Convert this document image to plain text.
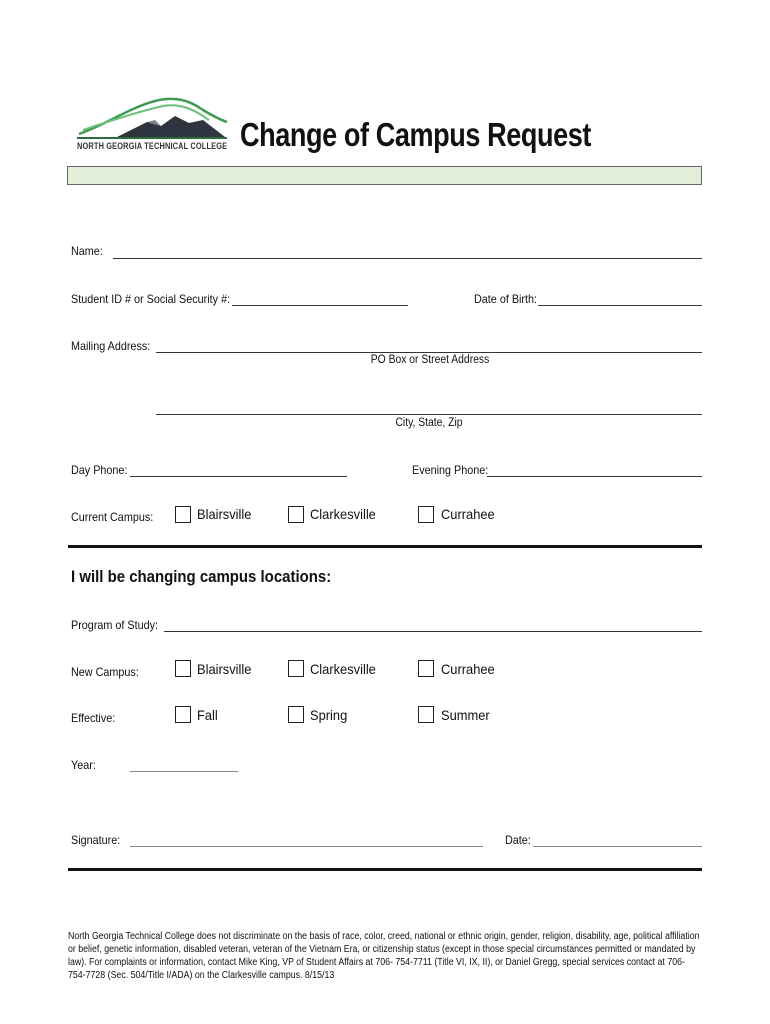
NORTH GEORGIA TECHNICAL COLLEGE Change of Campus Request
Name:
Student ID # or Social Security #:	Date of Birth:
Mailing Address:
PO Box or Street Address
City, State, Zip
Day Phone:	Evening Phone:
Current Campus:	Blairsville	Clarkesville	Currahee
I will be changing campus locations:
Program of Study:
New Campus:	Blairsville	Clarkesville	Currahee
Effective:	Fall	Spring	Summer
Year:
Signature:	Date:
North Georgia Technical College does not discriminate on the basis of race, color, creed, national or ethnic origin, gender, religion, disability, age, political affiliation or belief, genetic information, disabled veteran, veteran of the Vietnam Era, or citizenship status (except in those special circumstances permitted or mandated by law). For complaints or information, contact Mike King, VP of Student Affairs at 706- 754-7711 (Title VI, IX, II), or Daniel Gregg, special services contact at 706-754-7728 (Sec. 504/Title I/ADA) on the Clarkesville campus. 8/15/13
